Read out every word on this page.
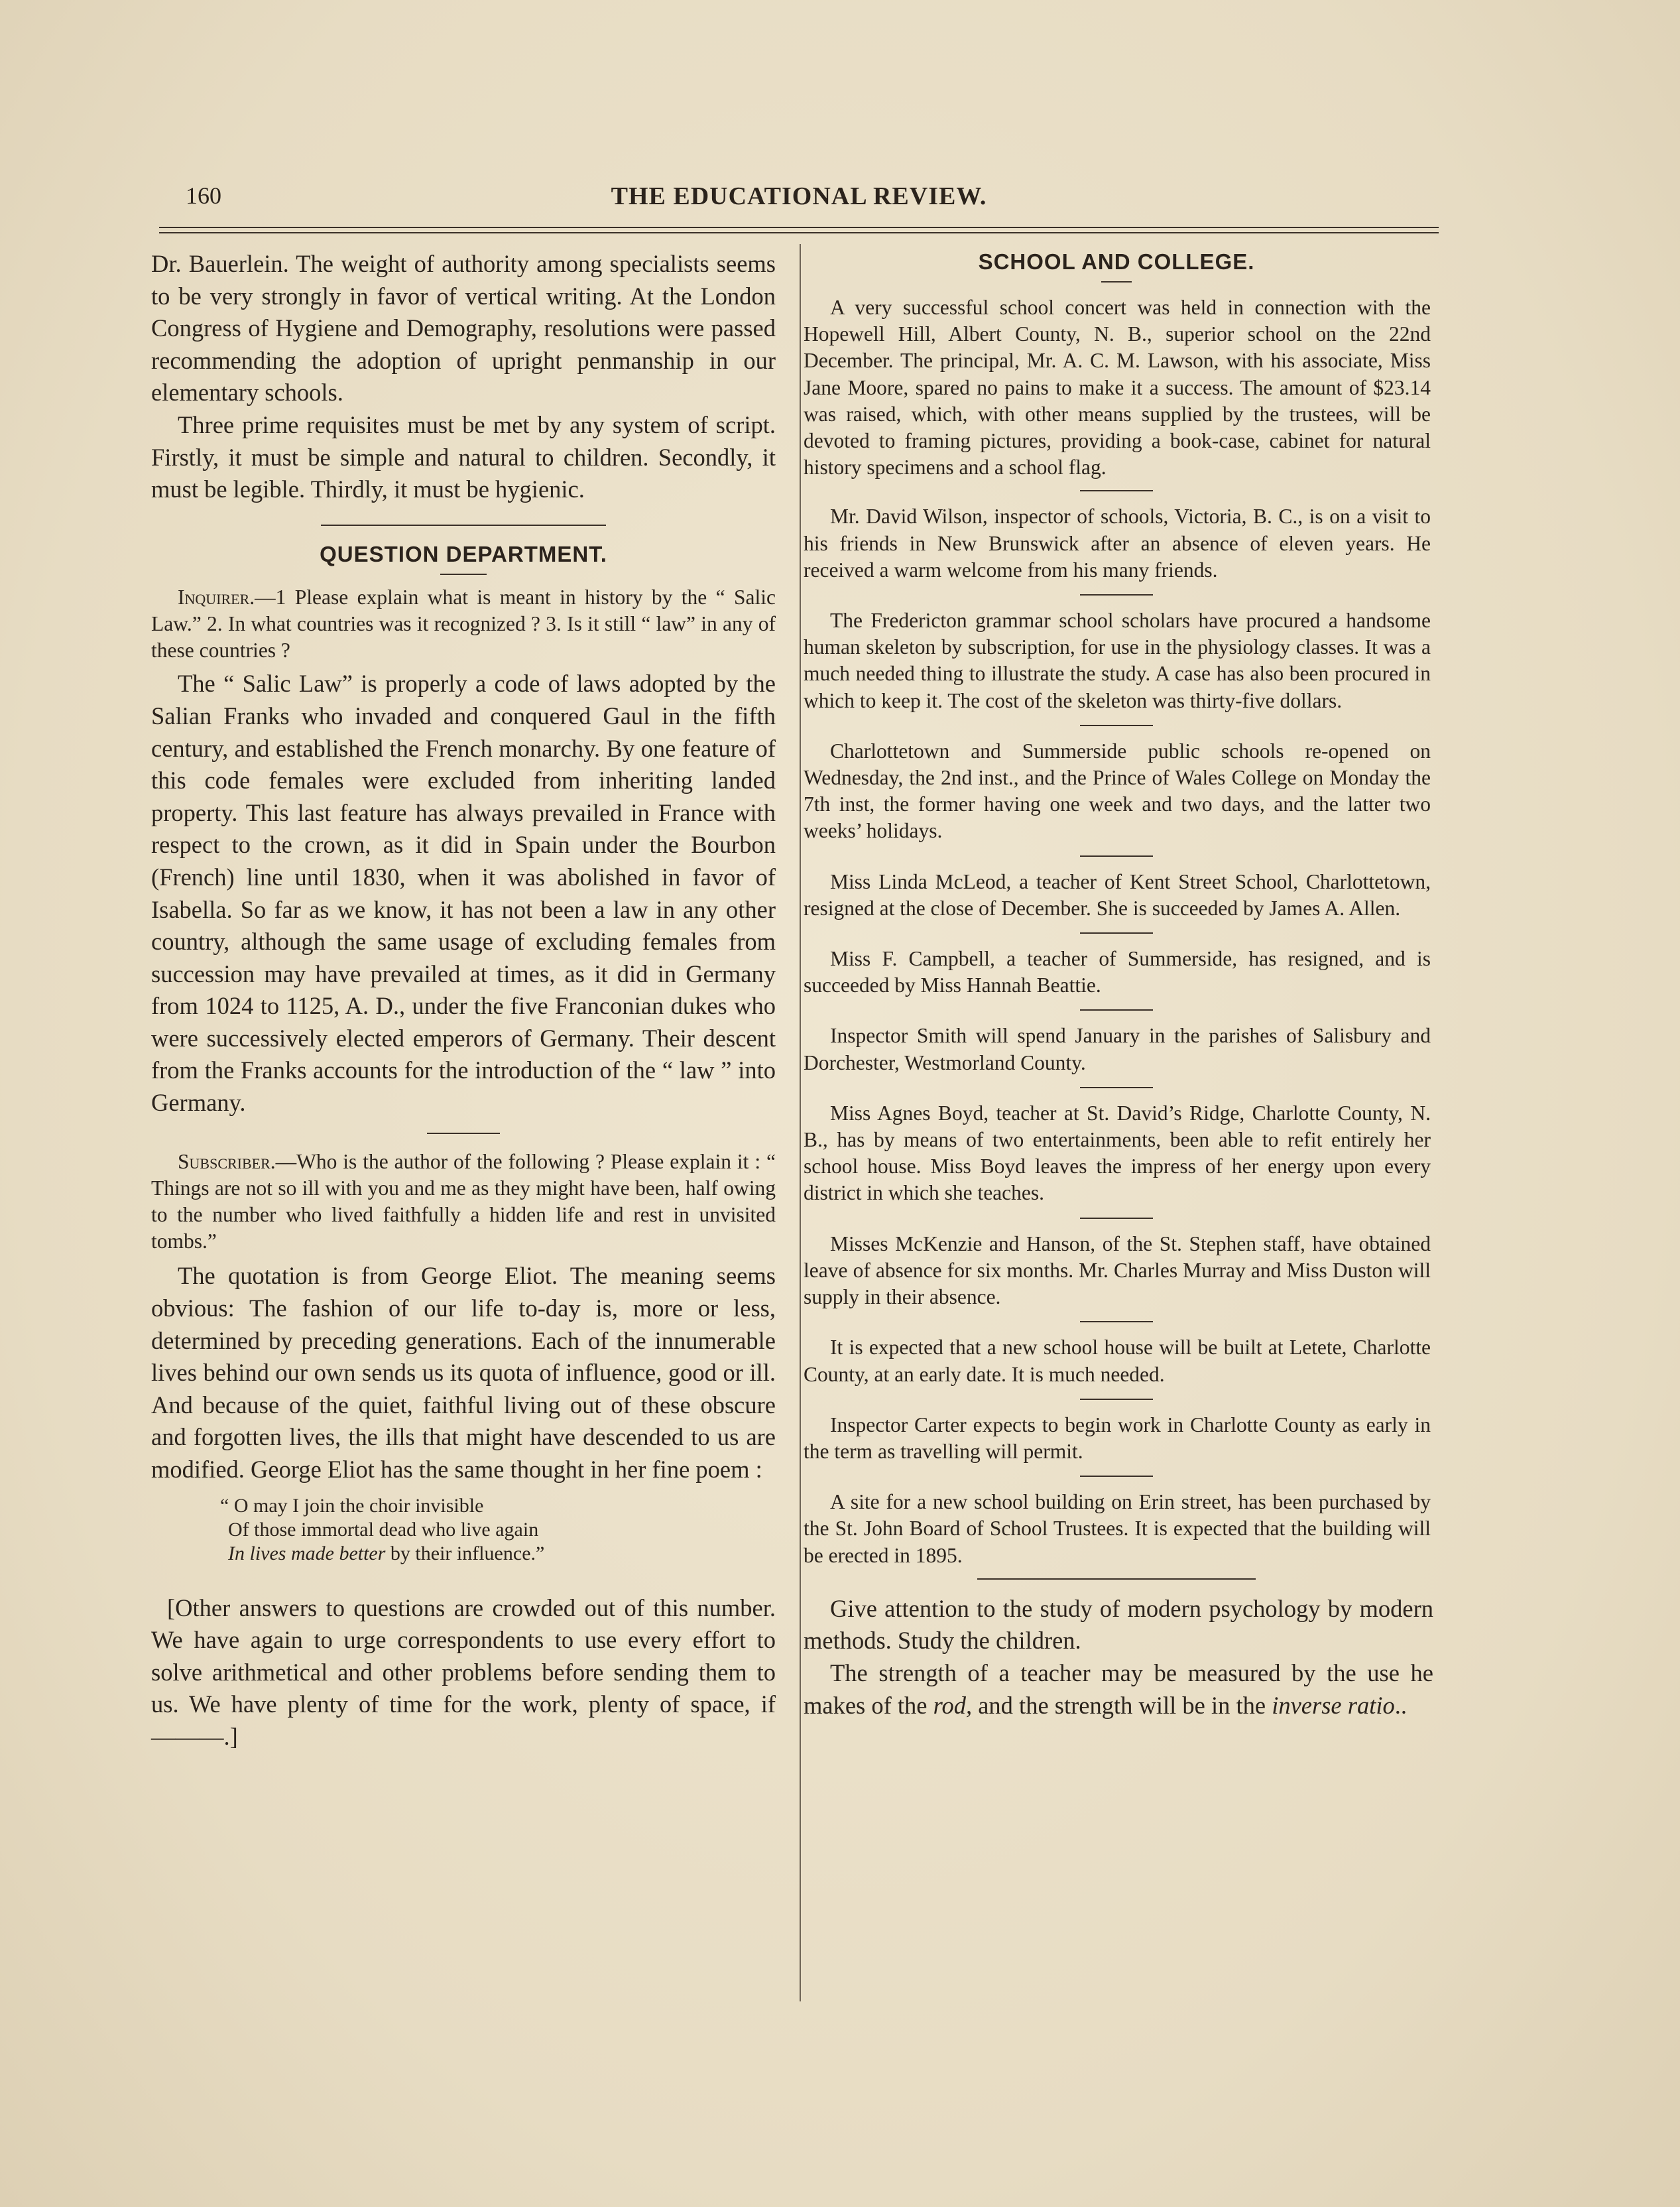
160	THE EDUCATIONAL REVIEW.

Dr. Bauerlein. The weight of authority among specialists seems to be very strongly in favor of vertical writing. At the London Congress of Hygiene and Demography, resolutions were passed recommending the adoption of upright penmanship in our elementary schools.

Three prime requisites must be met by any system of script. Firstly, it must be simple and natural to children. Secondly, it must be legible. Thirdly, it must be hygienic.

QUESTION DEPARTMENT.

Inquirer.—1 Please explain what is meant in history by the “ Salic Law.” 2. In what countries was it recognized ? 3. Is it still “ law” in any of these countries ?

The “ Salic Law” is properly a code of laws adopted by the Salian Franks who invaded and conquered Gaul in the fifth century, and established the French monarchy. By one feature of this code females were excluded from inheriting landed property. This last feature has always prevailed in France with respect to the crown, as it did in Spain under the Bourbon (French) line until 1830, when it was abolished in favor of Isabella. So far as we know, it has not been a law in any other country, although the same usage of excluding females from succession may have prevailed at times, as it did in Germany from 1024 to 1125, A. D., under the five Franconian dukes who were successively elected emperors of Germany. Their descent from the Franks accounts for the introduction of the “ law ” into Germany.

Subscriber.—Who is the author of the following ? Please explain it : “ Things are not so ill with you and me as they might have been, half owing to the number who lived faithfully a hidden life and rest in unvisited tombs.”

The quotation is from George Eliot. The meaning seems obvious: The fashion of our life to-day is, more or less, determined by preceding generations. Each of the innumerable lives behind our own sends us its quota of influence, good or ill. And because of the quiet, faithful living out of these obscure and forgotten lives, the ills that might have descended to us are modified. George Eliot has the same thought in her fine poem :

“ O may I join the choir invisible
Of those immortal dead who live again
In lives made better by their influence.”

[Other answers to questions are crowded out of this number. We have again to urge correspondents to use every effort to solve arithmetical and other problems before sending them to us. We have plenty of time for the work, plenty of space, if ———.]

SCHOOL AND COLLEGE.

A very successful school concert was held in connection with the Hopewell Hill, Albert County, N. B., superior school on the 22nd December. The principal, Mr. A. C. M. Lawson, with his associate, Miss Jane Moore, spared no pains to make it a success. The amount of $23.14 was raised, which, with other means supplied by the trustees, will be devoted to framing pictures, providing a book-case, cabinet for natural history specimens and a school flag.

Mr. David Wilson, inspector of schools, Victoria, B. C., is on a visit to his friends in New Brunswick after an absence of eleven years. He received a warm welcome from his many friends.

The Fredericton grammar school scholars have procured a handsome human skeleton by subscription, for use in the physiology classes. It was a much needed thing to illustrate the study. A case has also been procured in which to keep it. The cost of the skeleton was thirty-five dollars.

Charlottetown and Summerside public schools re-opened on Wednesday, the 2nd inst., and the Prince of Wales College on Monday the 7th inst, the former having one week and two days, and the latter two weeks’ holidays.

Miss Linda McLeod, a teacher of Kent Street School, Charlottetown, resigned at the close of December. She is succeeded by James A. Allen.

Miss F. Campbell, a teacher of Summerside, has resigned, and is succeeded by Miss Hannah Beattie.

Inspector Smith will spend January in the parishes of Salisbury and Dorchester, Westmorland County.

Miss Agnes Boyd, teacher at St. David’s Ridge, Charlotte County, N. B., has by means of two entertainments, been able to refit entirely her school house. Miss Boyd leaves the impress of her energy upon every district in which she teaches.

Misses McKenzie and Hanson, of the St. Stephen staff, have obtained leave of absence for six months. Mr. Charles Murray and Miss Duston will supply in their absence.

It is expected that a new school house will be built at Letete, Charlotte County, at an early date. It is much needed.

Inspector Carter expects to begin work in Charlotte County as early in the term as travelling will permit.

A site for a new school building on Erin street, has been purchased by the St. John Board of School Trustees. It is expected that the building will be erected in 1895.

Give attention to the study of modern psychology by modern methods. Study the children.

The strength of a teacher may be measured by the use he makes of the rod, and the strength will be in the inverse ratio..
